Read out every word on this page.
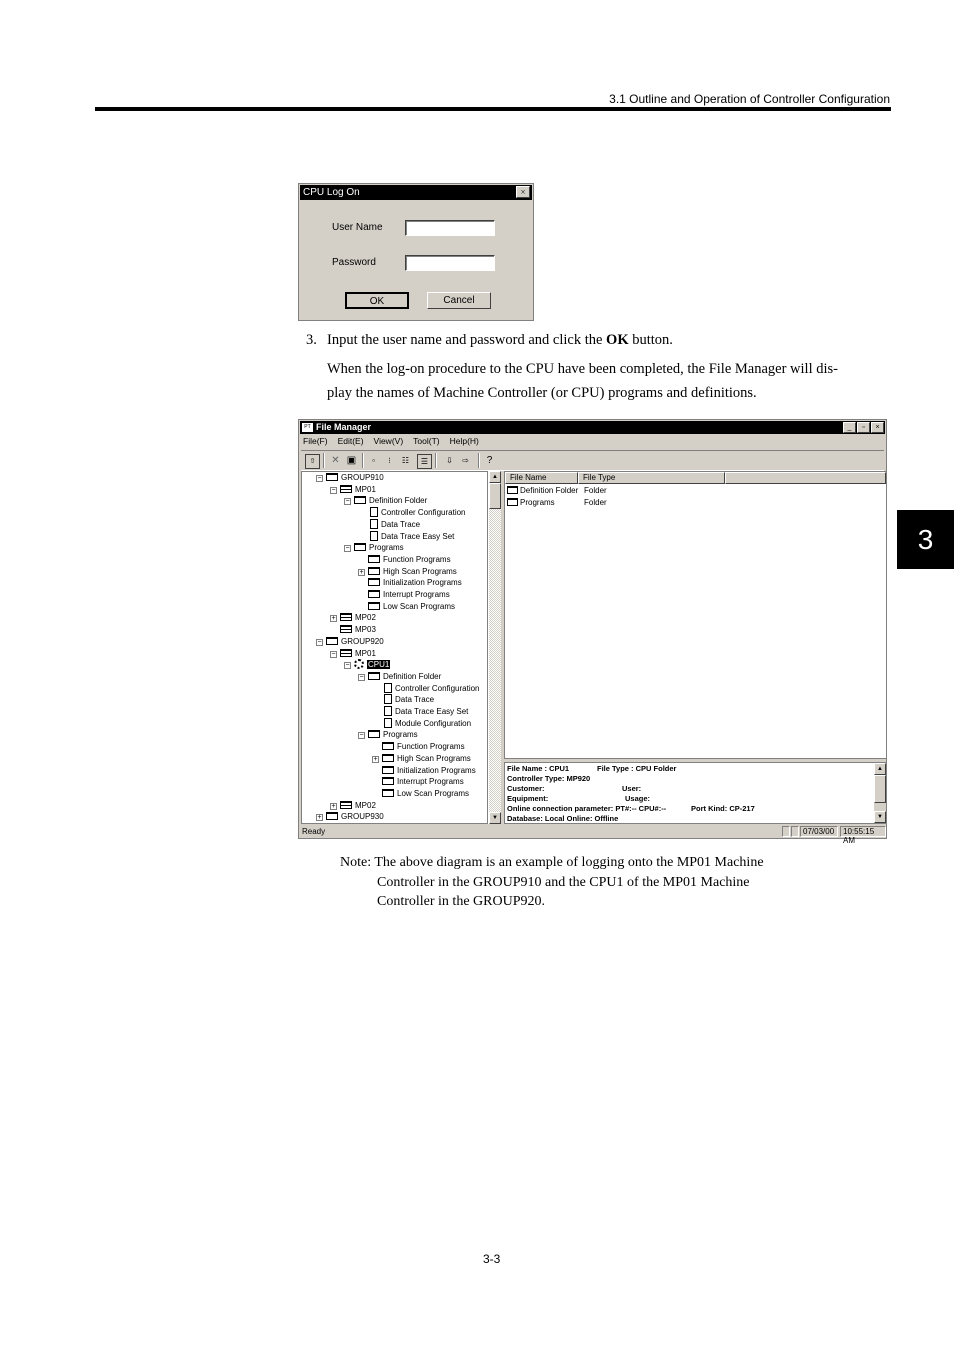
3.1 Outline and Operation of Controller Configuration
3
CPU Log On	×
User Name
Password
OK	Cancel
3. Input the user name and password and click the OK button.
When the log-on procedure to the CPU have been completed, the File Manager will dis-
play the names of Machine Controller (or CPU) programs and definitions.
File Manager
PT	_	▫	×
File(F) Edit(E) View(V) Tool(T) Help(H)
⇧	✕ ▣	▫	⁝	☷	☰	⇩	⇨	?
− GROUP910
− MP01
− Definition Folder
Controller Configuration
Data Trace
Data Trace Easy Set
− Programs
Function Programs
+ High Scan Programs
Initialization Programs
Interrupt Programs
Low Scan Programs
+ MP02
MP03
− GROUP920
− MP01
− CPU1
− Definition Folder
Controller Configuration
Data Trace
Data Trace Easy Set
Module Configuration
− Programs
Function Programs
+ High Scan Programs
Initialization Programs
Interrupt Programs
Low Scan Programs
+ MP02
+ GROUP930
▲
▼
File Name	File Type
Definition Folder Folder
Programs	Folder
File Name : CPU1	File Type : CPU Folder
Controller Type: MP920
Customer:	User:
Equipment:	Usage:
Online connection parameter: PT#:-- CPU#:--	Port Kind: CP-217
Database: Local Online: Offline
▲
▼
Ready	07/03/00	10:55:15 AM
Note: The above diagram is an example of logging onto the MP01 Machine
Controller in the GROUP910 and the CPU1 of the MP01 Machine
Controller in the GROUP920.
3-3
